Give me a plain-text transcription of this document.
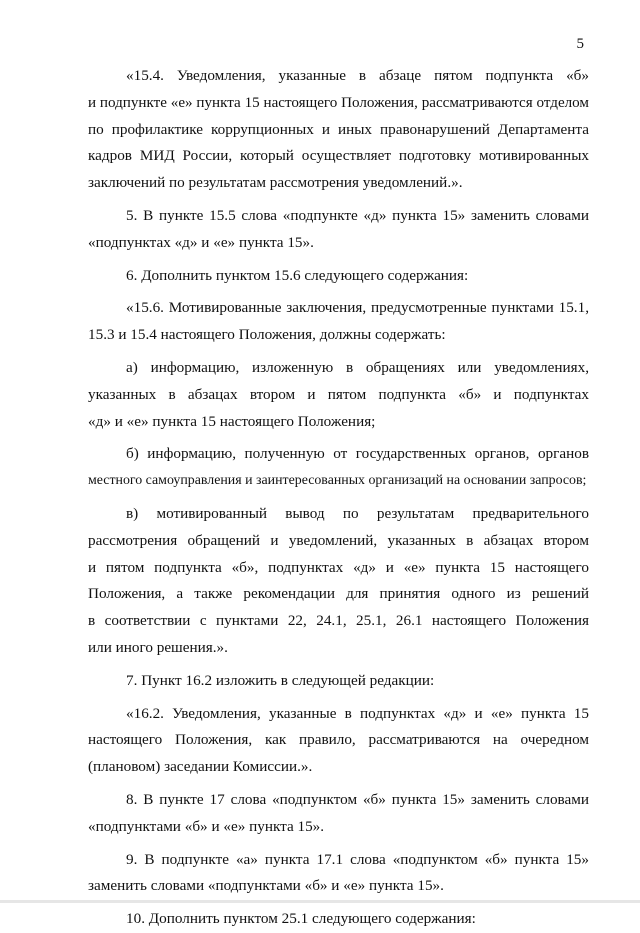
5

«15.4. Уведомления, указанные в абзаце пятом подпункта «б»
и подпункте «е» пункта 15 настоящего Положения, рассматриваются отделом
по профилактике коррупционных и иных правонарушений Департамента
кадров МИД России, который осуществляет подготовку мотивированных
заключений по результатам рассмотрения уведомлений.».

5. В пункте 15.5 слова «подпункте «д» пункта 15» заменить словами
«подпунктах «д» и «е» пункта 15».

6. Дополнить пунктом 15.6 следующего содержания:

«15.6. Мотивированные заключения, предусмотренные пунктами 15.1,
15.3 и 15.4 настоящего Положения, должны содержать:

а) информацию, изложенную в обращениях или уведомлениях,
указанных в абзацах втором и пятом подпункта «б» и подпунктах
«д» и «е» пункта 15 настоящего Положения;

б) информацию, полученную от государственных органов, органов
местного самоуправления и заинтересованных организаций на основании запросов;

в) мотивированный вывод по результатам предварительного
рассмотрения обращений и уведомлений, указанных в абзацах втором
и пятом подпункта «б», подпунктах «д» и «е» пункта 15 настоящего
Положения, а также рекомендации для принятия одного из решений
в соответствии с пунктами 22, 24.1, 25.1, 26.1 настоящего Положения
или иного решения.».

7. Пункт 16.2 изложить в следующей редакции:

«16.2. Уведомления, указанные в подпунктах «д» и «е» пункта 15
настоящего Положения, как правило, рассматриваются на очередном
(плановом) заседании Комиссии.».

8. В пункте 17 слова «подпунктом «б» пункта 15» заменить словами
«подпунктами «б» и «е» пункта 15».

9. В подпункте «а» пункта 17.1 слова «подпунктом «б» пункта 15»
заменить словами «подпунктами «б» и «е» пункта 15».

10. Дополнить пунктом 25.1 следующего содержания:
